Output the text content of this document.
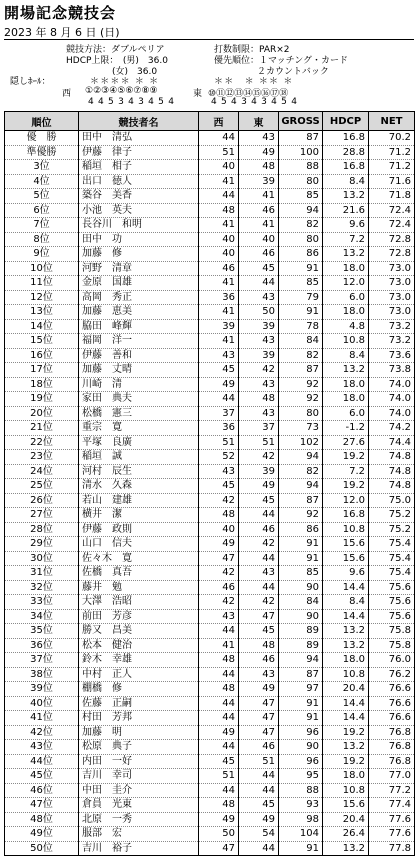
開場記念競技会
2023 年 8 月 6 日 (日)
競技方法：ダブルペリア	打数制限：PAR×2
HDCP上限：　(男)　36.0	優先順位：１マッチング・カード
(女)　36.0	２カウントバック
隠しﾎｰﾙ：	＊＊＊＊ ＊ ＊	＊＊　＊ ＊＊ ＊
西 ①②③④⑤⑥⑦⑧⑨	東 ⑩⑪⑫⑬⑭⑮⑯⑰⑱
445343454	454343454
順位	競技者名	西	東	GROSS	HDCP	NET
優　勝	田中　清弘	44	43	87	16.8	70.2
準優勝	伊藤　律子	51	49	100	28.8	71.2
3位	稲垣　相子	40	48	88	16.8	71.2
4位	出口　徳人	41	39	80	8.4	71.6
5位	築谷　美香	44	41	85	13.2	71.8
6位	小池　英夫	48	46	94	21.6	72.4
7位	長谷川　和明	41	41	82	9.6	72.4
8位	田中　功	40	40	80	7.2	72.8
9位	加藤　修	40	46	86	13.2	72.8
10位	河野　清章	46	45	91	18.0	73.0
11位	金原　国雄	41	44	85	12.0	73.0
12位	高岡　秀正	36	43	79	6.0	73.0
13位	加藤　恵美	41	50	91	18.0	73.0
14位	脇田　峰輝	39	39	78	4.8	73.2
15位	福岡　洋一	41	43	84	10.8	73.2
16位	伊藤　善和	43	39	82	8.4	73.6
17位	加藤　丈晴	45	42	87	13.2	73.8
18位	川崎　清	49	43	92	18.0	74.0
19位	家田　典夫	44	48	92	18.0	74.0
20位	松橋　憲三	37	43	80	6.0	74.0
21位	重宗　寛	36	37	73	-1.2	74.2
22位	平塚　良廣	51	51	102	27.6	74.4
23位	稲垣　誠	52	42	94	19.2	74.8
24位	河村　辰生	43	39	82	7.2	74.8
25位	清水　久森	45	49	94	19.2	74.8
26位	若山　建雄	42	45	87	12.0	75.0
27位	横井　潔	48	44	92	16.8	75.2
28位	伊藤　政則	40	46	86	10.8	75.2
29位	山口　信夫	49	42	91	15.6	75.4
30位	佐々木　寛	47	44	91	15.6	75.4
31位	佐橋　真吾	42	43	85	9.6	75.4
32位	藤井　勉	46	44	90	14.4	75.6
33位	大澤　浩昭	42	42	84	8.4	75.6
34位	前田　芳彦	43	47	90	14.4	75.6
35位	勝又　昌美	44	45	89	13.2	75.8
36位	松本　健治	41	48	89	13.2	75.8
37位	鈴木　幸雄	48	46	94	18.0	76.0
38位	中村　正人	44	43	87	10.8	76.2
39位	棚橋　修	48	49	97	20.4	76.6
40位	佐藤　正嗣	44	47	91	14.4	76.6
41位	村田　芳邦	44	47	91	14.4	76.6
42位	加藤　明	49	47	96	19.2	76.8
43位	松原　典子	44	46	90	13.2	76.8
44位	内田　一好	45	51	96	19.2	76.8
45位	吉川　幸司	51	44	95	18.0	77.0
46位	中田　圭介	44	44	88	10.8	77.2
47位	倉員　光東	48	45	93	15.6	77.4
48位	北原　一秀	49	49	98	20.4	77.6
49位	服部　宏	50	54	104	26.4	77.6
50位	吉川　裕子	47	44	91	13.2	77.8
